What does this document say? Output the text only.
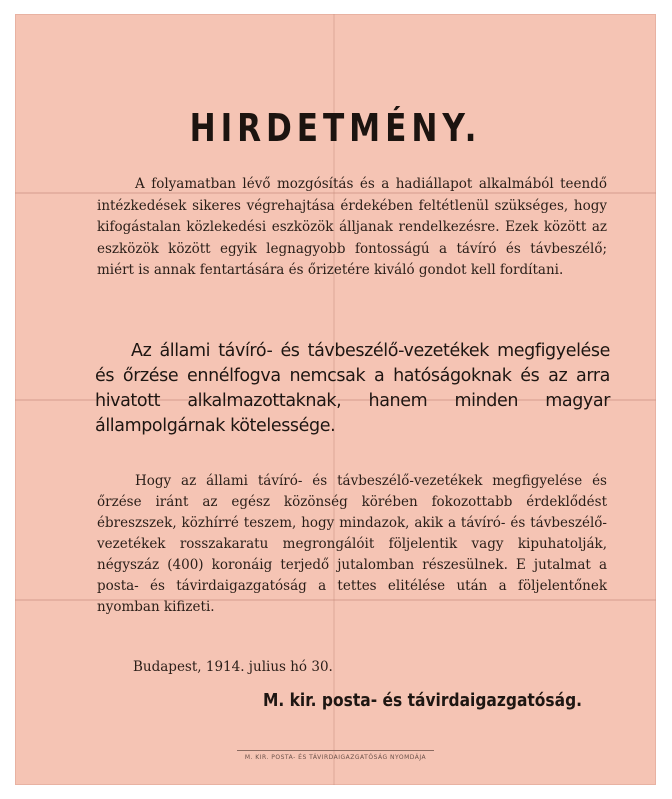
HIRDETMÉNY.
A folyamatban lévő mozgósítás és a hadiállapot alkalmából teendő intézkedések sikeres végrehajtása érdekében feltétlenül szükséges, hogy kifogástalan közlekedési eszközök álljanak rendelkezésre. Ezek között az eszközök között egyik legnagyobb fontosságú a távíró és távbeszélő; miért is annak fentartására és őrizetére kiváló gondot kell fordítani.
Az állami távíró- és távbeszélő-vezetékek megfigyelése és őrzése ennélfogva nemcsak a hatóságoknak és az arra hivatott alkalmazottaknak, hanem minden magyar állampolgárnak kötelessége.
Hogy az állami távíró- és távbeszélő-vezetékek megfigyelése és őrzése iránt az egész közönség körében fokozottabb érdeklődést ébreszszek, közhírré teszem, hogy mindazok, akik a távíró- és távbeszélő-vezetékek rosszakaratu megrongálóit följelentik vagy kipuhatolják, négyszáz (400) koronáig terjedő jutalomban részesülnek. E jutalmat a posta- és távirdaigazgatóság a tettes elitélése után a följelentőnek nyomban kifizeti.
Budapest, 1914. julius hó 30.
M. kir. posta- és távirdaigazgatóság.
M. KIR. POSTA- ÉS TÁVIRDAIGAZGATÓSÁG NYOMDÁJA
